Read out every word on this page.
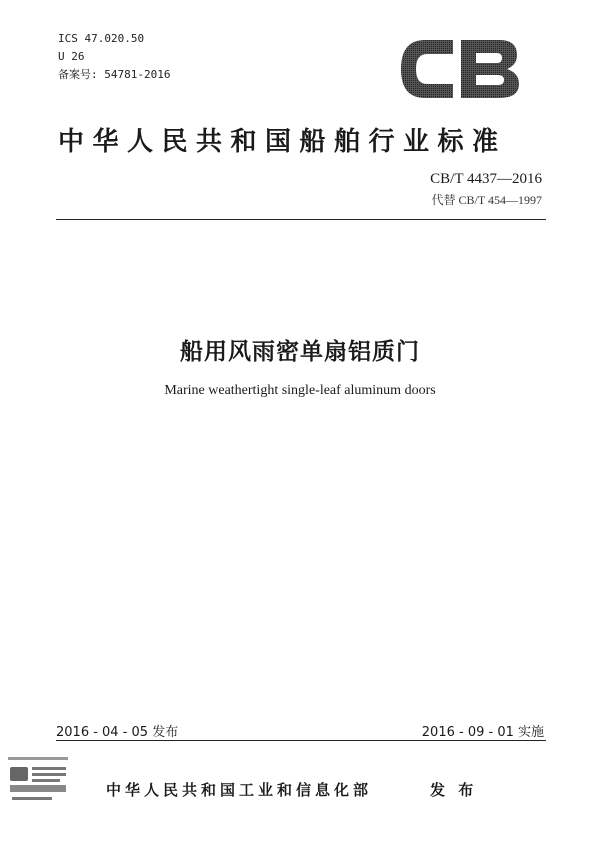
ICS 47.020.50
U 26
备案号: 54781-2016
中华人民共和国船舶行业标准
CB/T 4437—2016
代替 CB/T 454—1997
船用风雨密单扇铝质门
Marine weathertight single-leaf aluminum doors
2016 - 04 - 05 发布	2016 - 09 - 01 实施
中华人民共和国工业和信息化部	发 布
